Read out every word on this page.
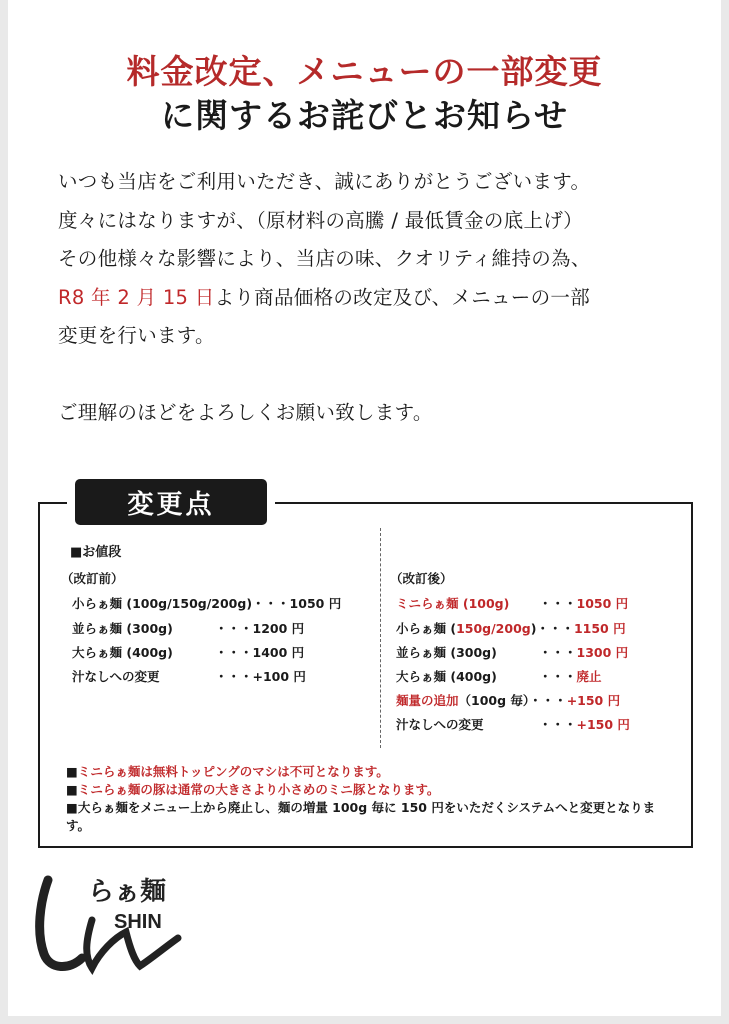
料金改定、メニューの一部変更
に関するお詫びとお知らせ

いつも当店をご利用いただき、誠にありがとうございます。

度々にはなりますが、（原材料の高騰 / 最低賃金の底上げ）

その他様々な影響により、当店の味、クオリティ維持の為、

R8 年 2 月 15 日より商品価格の改定及び、メニューの一部

変更を行います。

ご理解のほどをよろしくお願い致します。

変更点
■お値段
（改訂前）
小らぁ麺 (100g/150g/200g)・・・1050 円
並らぁ麺 (300g)	・・・1200 円
大らぁ麺 (400g)	・・・1400 円
汁なしへの変更	・・・+100 円
（改訂後）
ミニらぁ麺 (100g) ・・・1050 円
小らぁ麺 (150g/200g)・・・1150 円
並らぁ麺 (300g)	・・・1300 円
大らぁ麺 (400g)	・・・廃止
麺量の追加（100g 毎）・・・+150 円
汁なしへの変更	・・・+150 円
■ミニらぁ麺は無料トッピングのマシは不可となります。
■ミニらぁ麺の豚は通常の大きさより小さめのミニ豚となります。
■大らぁ麺をメニュー上から廃止し、麺の増量 100g 毎に 150 円をいただくシステムへと変更となります。
らぁ麺
SHIN
